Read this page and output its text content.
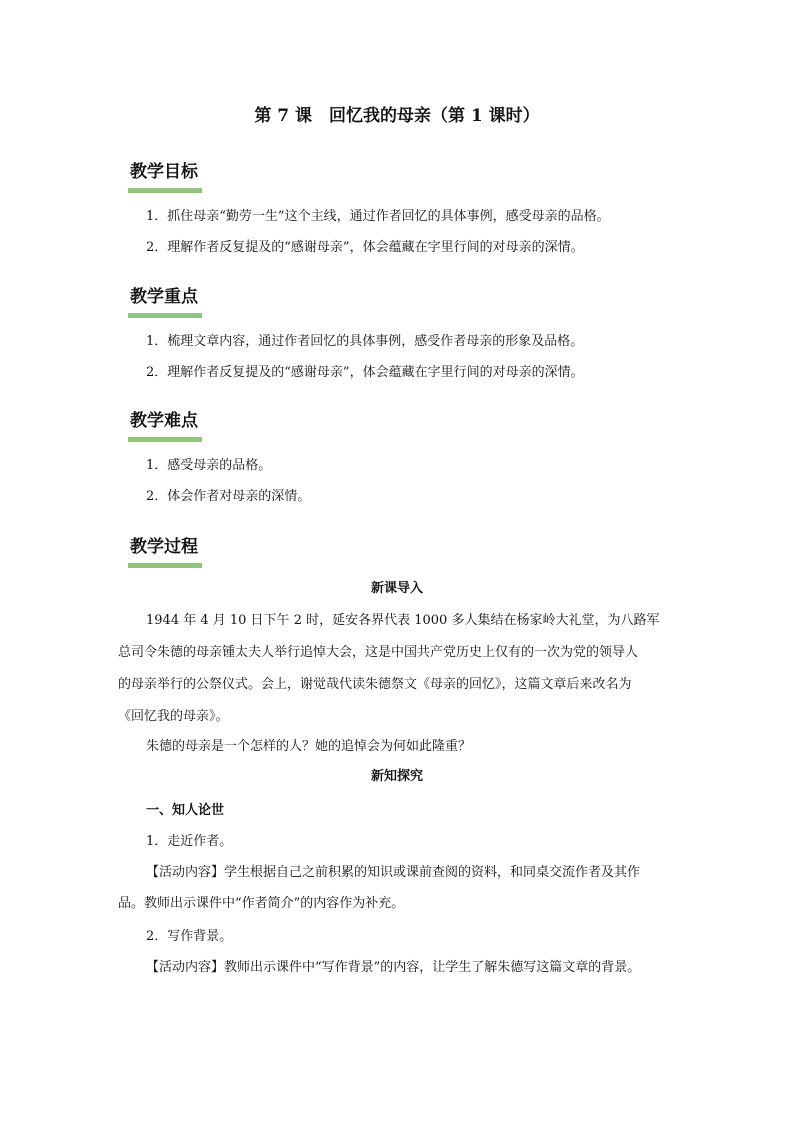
第 7 课　回忆我的母亲（第 1 课时）
教学目标
1．抓住母亲“勤劳一生”这个主线，通过作者回忆的具体事例，感受母亲的品格。
2．理解作者反复提及的“感谢母亲”，体会蕴藏在字里行间的对母亲的深情。
教学重点
1．梳理文章内容，通过作者回忆的具体事例，感受作者母亲的形象及品格。
2．理解作者反复提及的“感谢母亲”，体会蕴藏在字里行间的对母亲的深情。
教学难点
1．感受母亲的品格。
2．体会作者对母亲的深情。
教学过程
新课导入
1944 年 4 月 10 日下午 2 时，延安各界代表 1000 多人集结在杨家岭大礼堂，为八路军
总司令朱德的母亲锺太夫人举行追悼大会，这是中国共产党历史上仅有的一次为党的领导人
的母亲举行的公祭仪式。会上，谢觉哉代读朱德祭文《母亲的回忆》，这篇文章后来改名为
《回忆我的母亲》。
朱德的母亲是一个怎样的人？她的追悼会为何如此隆重？
新知探究
一、知人论世
1．走近作者。
【活动内容】学生根据自己之前积累的知识或课前查阅的资料，和同桌交流作者及其作
品。教师出示课件中“作者简介”的内容作为补充。
2．写作背景。
【活动内容】教师出示课件中“写作背景”的内容，让学生了解朱德写这篇文章的背景。
